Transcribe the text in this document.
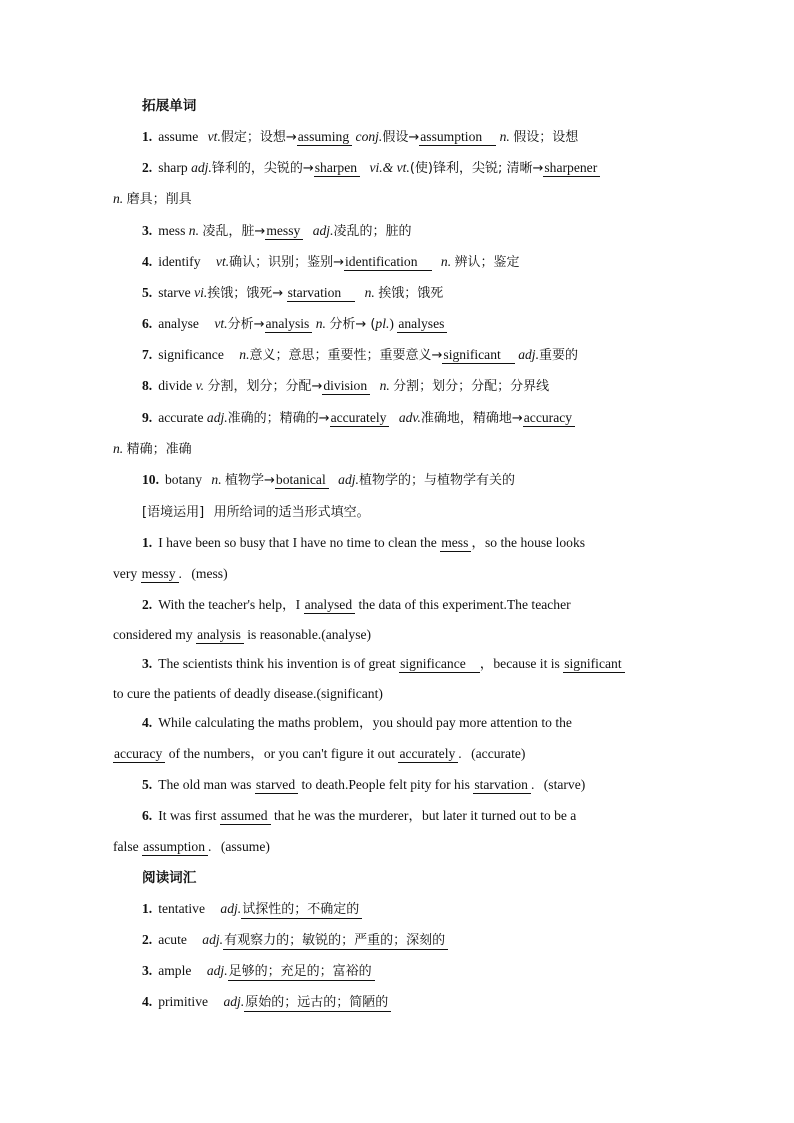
拓展单词
1. assume vt.假定；设想→assuming conj.假设→assumption n. 假设；设想
2. sharp adj.锋利的，尖锐的→sharpen vi.& vt.(使)锋利，尖锐; 清晰→sharpener
n. 磨具；削具
3. mess n. 凌乱，脏→messy adj.凌乱的；脏的
4. identify vt.确认；识别；鉴别→identification n. 辨认；鉴定
5. starve vi.挨饿；饿死→ starvation n. 挨饿；饿死
6. analyse vt.分析→analysis n. 分析→ (pl.) analyses
7. significance n.意义；意思；重要性；重要意义→significant adj.重要的
8. divide v. 分割，划分；分配→division n. 分割；划分；分配；分界线
9. accurate adj.准确的；精确的→accurately adv.准确地，精确地→accuracy
n. 精确；准确
10. botany n. 植物学→botanical adj.植物学的；与植物学有关的
[语境运用] 用所给词的适当形式填空。
1. I have been so busy that I have no time to clean the mess ，so the house looks
very messy . (mess)
2. With the teacher's help，I analysed the data of this experiment.The teacher
considered my analysis is reasonable.(analyse)
3. The scientists think his invention is of great significance ，because it is significant
to cure the patients of deadly disease.(significant)
4. While calculating the maths problem，you should pay more attention to the
accuracy of the numbers，or you can't figure it out accurately . (accurate)
5. The old man was starved to death.People felt pity for his starvation . (starve)
6. It was first assumed that he was the murderer，but later it turned out to be a
false assumption . (assume)
阅读词汇
1. tentative adj.试探性的；不确定的
2. acute adj.有观察力的；敏锐的；严重的；深刻的
3. ample adj.足够的；充足的；富裕的
4. primitive adj.原始的；远古的；简陋的
